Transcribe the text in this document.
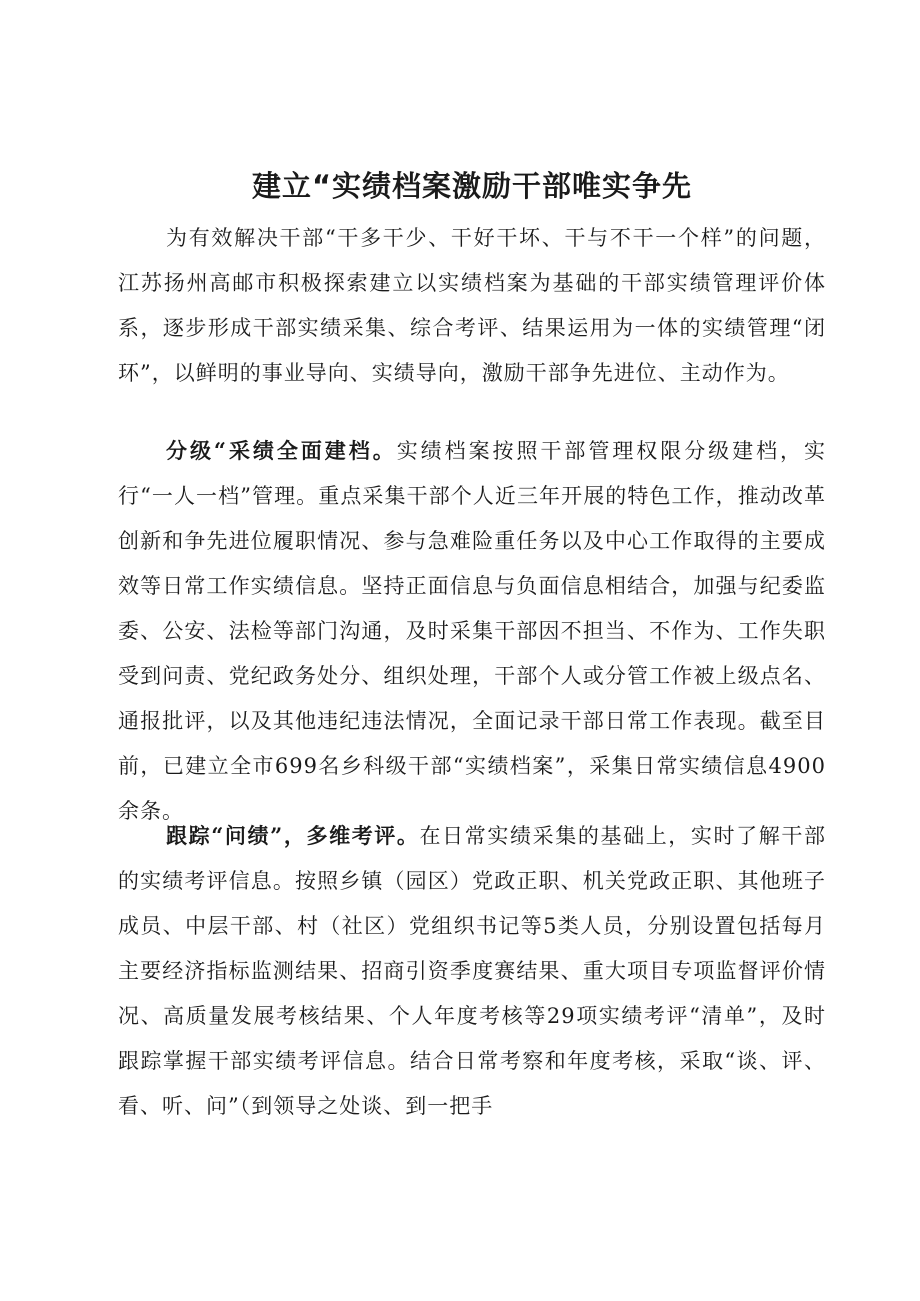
建立“实绩档案激励干部唯实争先

为有效解决干部“干多干少、干好干坏、干与不干一个样”的问题，江苏扬州高邮市积极探索建立以实绩档案为基础的干部实绩管理评价体系，逐步形成干部实绩采集、综合考评、结果运用为一体的实绩管理“闭环”，以鲜明的事业导向、实绩导向，激励干部争先进位、主动作为。

分级“采绩全面建档。实绩档案按照干部管理权限分级建档，实行“一人一档”管理。重点采集干部个人近三年开展的特色工作，推动改革创新和争先进位履职情况、参与急难险重任务以及中心工作取得的主要成效等日常工作实绩信息。坚持正面信息与负面信息相结合，加强与纪委监委、公安、法检等部门沟通，及时采集干部因不担当、不作为、工作失职受到问责、党纪政务处分、组织处理，干部个人或分管工作被上级点名、通报批评，以及其他违纪违法情况，全面记录干部日常工作表现。截至目前，已建立全市699名乡科级干部“实绩档案”，采集日常实绩信息4900余条。

跟踪“问绩”，多维考评。在日常实绩采集的基础上，实时了解干部的实绩考评信息。按照乡镇（园区）党政正职、机关党政正职、其他班子成员、中层干部、村（社区）党组织书记等5类人员，分别设置包括每月主要经济指标监测结果、招商引资季度赛结果、重大项目专项监督评价情况、高质量发展考核结果、个人年度考核等29项实绩考评“清单”，及时跟踪掌握干部实绩考评信息。结合日常考察和年度考核，采取“谈、评、看、听、问”（到领导之处谈、到一把手
